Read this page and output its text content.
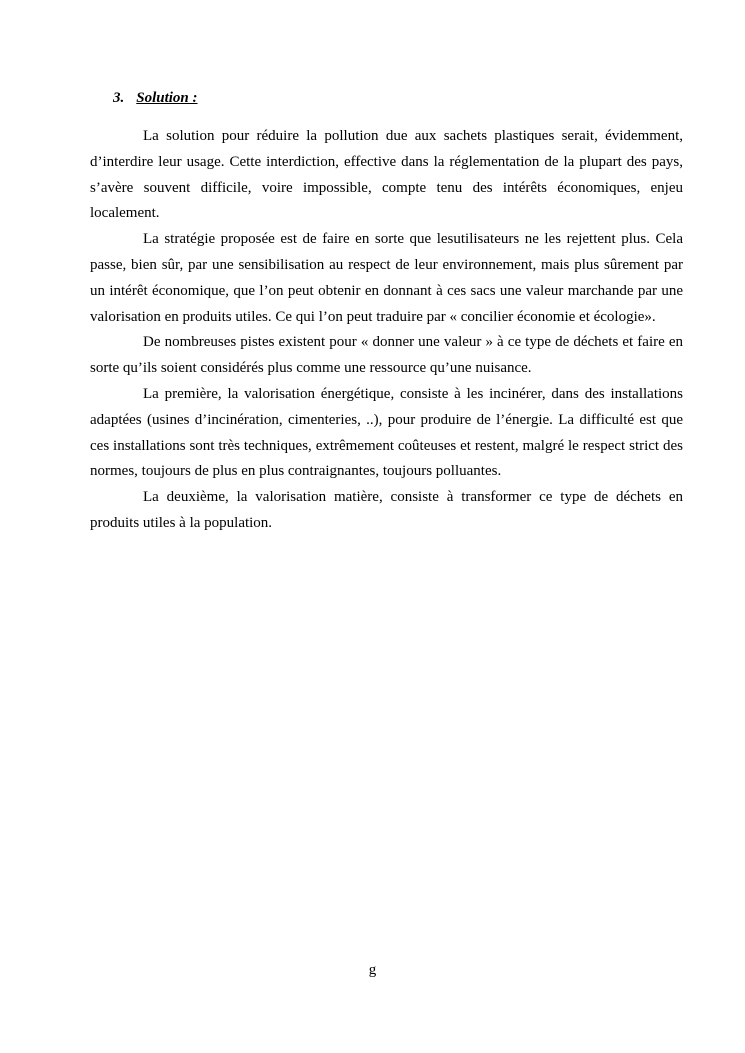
3. Solution :

La solution pour réduire la pollution due aux sachets plastiques serait, évidemment, d’interdire leur usage. Cette interdiction, effective dans la réglementation de la plupart des pays, s’avère souvent difficile, voire impossible, compte tenu des intérêts économiques, enjeu localement.

La stratégie proposée est de faire en sorte que lesutilisateurs ne les rejettent plus. Cela passe, bien sûr, par une sensibilisation au respect de leur environnement, mais plus sûrement par un intérêt économique, que l’on peut obtenir en donnant à ces sacs une valeur marchande par une valorisation en produits utiles. Ce qui l’on peut traduire par « concilier économie et écologie».

De nombreuses pistes existent pour « donner une valeur » à ce type de déchets et faire en sorte qu’ils soient considérés plus comme une ressource qu’une nuisance.

La première, la valorisation énergétique, consiste à les incinérer, dans des installations adaptées (usines d’incinération, cimenteries, ..), pour produire de l’énergie. La difficulté est que ces installations sont très techniques, extrêmement coûteuses et restent, malgré le respect strict des normes, toujours de plus en plus contraignantes, toujours polluantes.

La deuxième, la valorisation matière, consiste à transformer ce type de déchets en produits utiles à la population.

g
